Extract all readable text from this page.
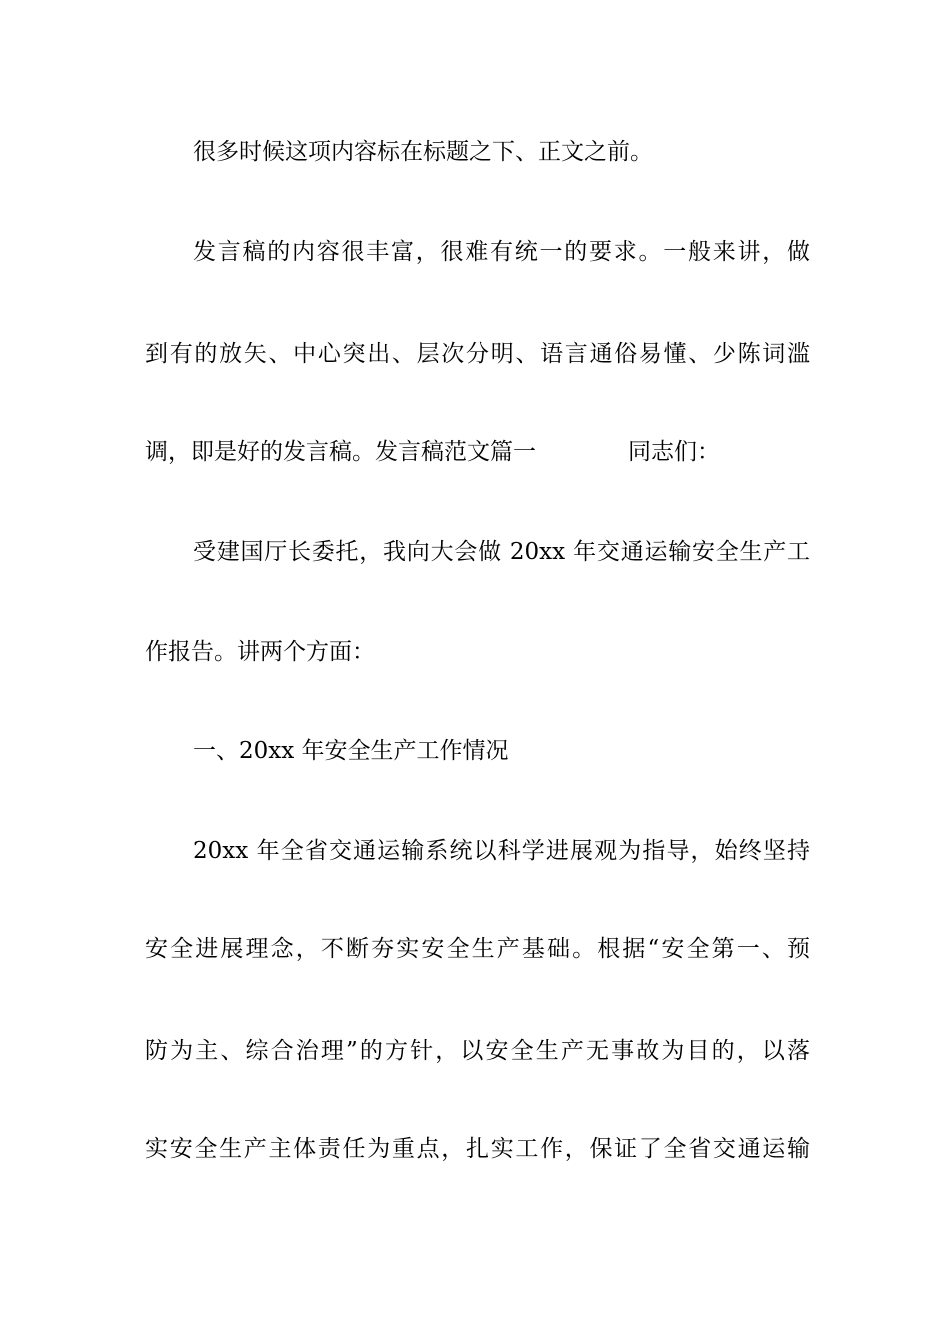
很多时候这项内容标在标题之下、正文之前。
发言稿的内容很丰富，很难有统一的要求。一般来讲，做
到有的放矢、中心突出、层次分明、语言通俗易懂、少陈词滥
调，即是好的发言稿。发言稿范文篇一	同志们：
受建国厅长委托，我向大会做 20xx 年交通运输安全生产工
作报告。讲两个方面：
一、20xx 年安全生产工作情况
20xx 年全省交通运输系统以科学进展观为指导，始终坚持
安全进展理念，不断夯实安全生产基础。根据“安全第一、预
防为主、综合治理”的方针，以安全生产无事故为目的，以落
实安全生产主体责任为重点，扎实工作，保证了全省交通运输
